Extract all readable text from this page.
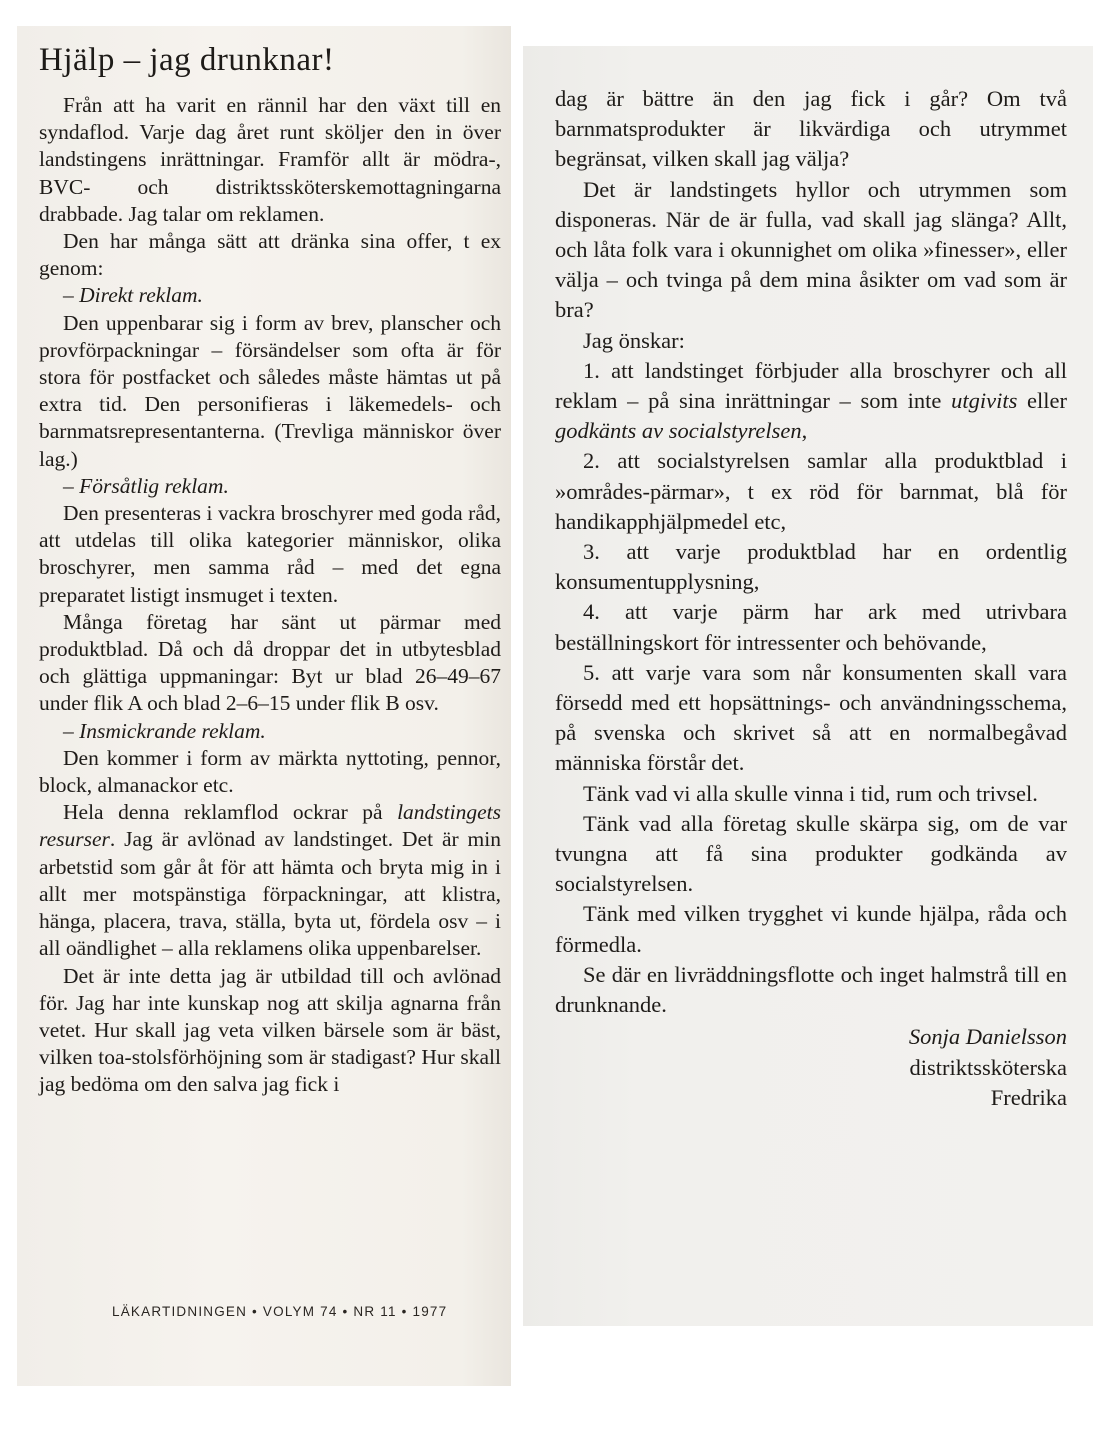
Hjälp – jag drunknar!

Från att ha varit en rännil har den växt till en syndaflod. Varje dag året runt sköljer den in över landstingens inrättningar. Framför allt är mödra-, BVC- och distriktssköterskemottagningarna drabbade. Jag talar om reklamen.

Den har många sätt att dränka sina offer, t ex genom:

– Direkt reklam.

Den uppenbarar sig i form av brev, planscher och provförpackningar – försändelser som ofta är för stora för postfacket och således måste hämtas ut på extra tid. Den personifieras i läkemedels- och barnmatsrepresentanterna. (Trevliga människor över lag.)

– Försåtlig reklam.

Den presenteras i vackra broschyrer med goda råd, att utdelas till olika kategorier människor, olika broschyrer, men samma råd – med det egna preparatet listigt insmuget i texten.

Många företag har sänt ut pärmar med produktblad. Då och då droppar det in utbytesblad och glättiga uppmaningar: Byt ur blad 26–49–67 under flik A och blad 2–6–15 under flik B osv.

– Insmickrande reklam.

Den kommer i form av märkta nyttoting, pennor, block, almanackor etc.

Hela denna reklamflod ockrar på landstingets resurser. Jag är avlönad av landstinget. Det är min arbetstid som går åt för att hämta och bryta mig in i allt mer motspänstiga förpackningar, att klistra, hänga, placera, trava, ställa, byta ut, fördela osv – i all oändlighet – alla reklamens olika uppenbarelser.

Det är inte detta jag är utbildad till och avlönad för. Jag har inte kunskap nog att skilja agnarna från vetet. Hur skall jag veta vilken bärsele som är bäst, vilken toa-stolsförhöjning som är stadigast? Hur skall jag bedöma om den salva jag fick i

LÄKARTIDNINGEN • VOLYM 74 • NR 11 • 1977

dag är bättre än den jag fick i går? Om två barnmatsprodukter är likvärdiga och utrymmet begränsat, vilken skall jag välja?

Det är landstingets hyllor och utrymmen som disponeras. När de är fulla, vad skall jag slänga? Allt, och låta folk vara i okunnighet om olika »finesser», eller välja – och tvinga på dem mina åsikter om vad som är bra?

Jag önskar:

1. att landstinget förbjuder alla broschyrer och all reklam – på sina inrättningar – som inte utgivits eller godkänts av socialstyrelsen,

2. att socialstyrelsen samlar alla produktblad i »områdes-pärmar», t ex röd för barnmat, blå för handikapphjälpmedel etc,

3. att varje produktblad har en ordentlig konsumentupplysning,

4. att varje pärm har ark med utrivbara beställningskort för intressenter och behövande,

5. att varje vara som når konsumenten skall vara försedd med ett hopsättnings- och användningsschema, på svenska och skrivet så att en normalbegåvad människa förstår det.

Tänk vad vi alla skulle vinna i tid, rum och trivsel.

Tänk vad alla företag skulle skärpa sig, om de var tvungna att få sina produkter godkända av socialstyrelsen.

Tänk med vilken trygghet vi kunde hjälpa, råda och förmedla.

Se där en livräddningsflotte och inget halmstrå till en drunknande.

Sonja Danielsson
distriktssköterska
Fredrika
